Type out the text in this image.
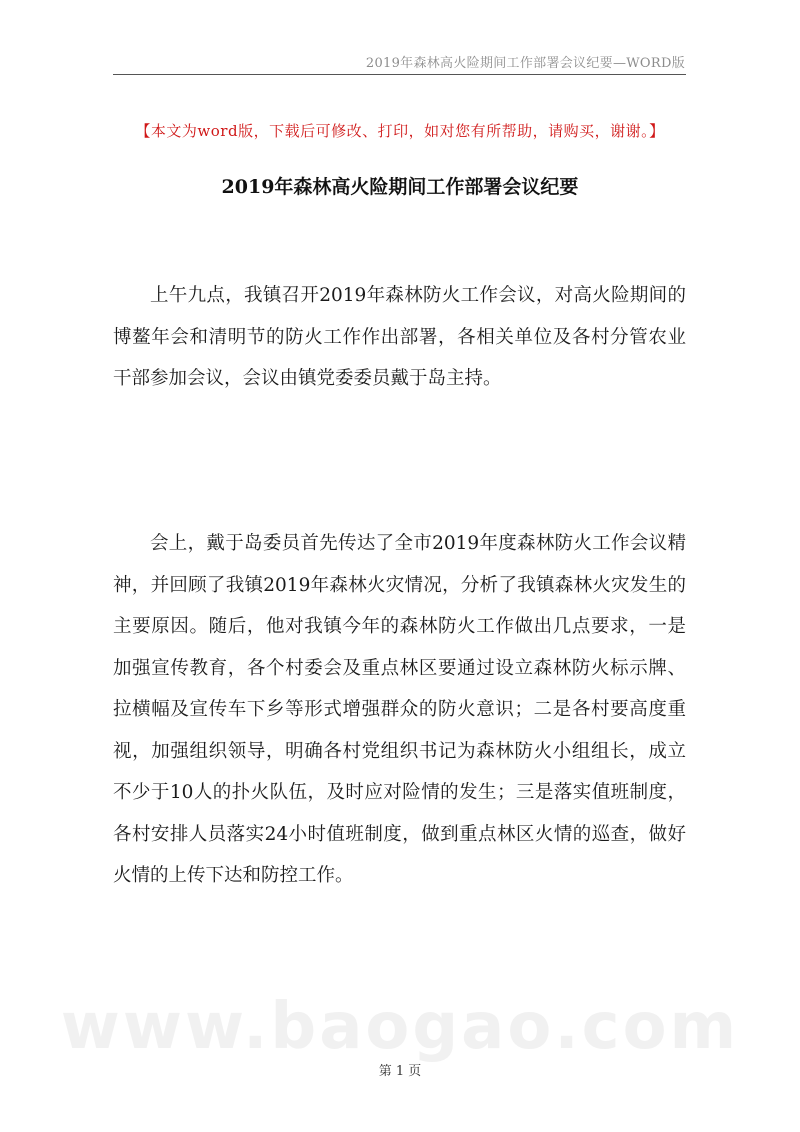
2019年森林高火险期间工作部署会议纪要—WORD版
【本文为word版，下载后可修改、打印，如对您有所帮助，请购买，谢谢。】
2019年森林高火险期间工作部署会议纪要

上午九点，我镇召开2019年森林防火工作会议，对高火险期间的博鳌年会和清明节的防火工作作出部署，各相关单位及各村分管农业干部参加会议，会议由镇党委委员戴于岛主持。

会上，戴于岛委员首先传达了全市2019年度森林防火工作会议精神，并回顾了我镇2019年森林火灾情况，分析了我镇森林火灾发生的主要原因。随后，他对我镇今年的森林防火工作做出几点要求，一是加强宣传教育，各个村委会及重点林区要通过设立森林防火标示牌、拉横幅及宣传车下乡等形式增强群众的防火意识；二是各村要高度重视，加强组织领导，明确各村党组织书记为森林防火小组组长，成立不少于10人的扑火队伍，及时应对险情的发生；三是落实值班制度，各村安排人员落实24小时值班制度，做到重点林区火情的巡查，做好火情的上传下达和防控工作。

www.baogao.com
第 1 页
